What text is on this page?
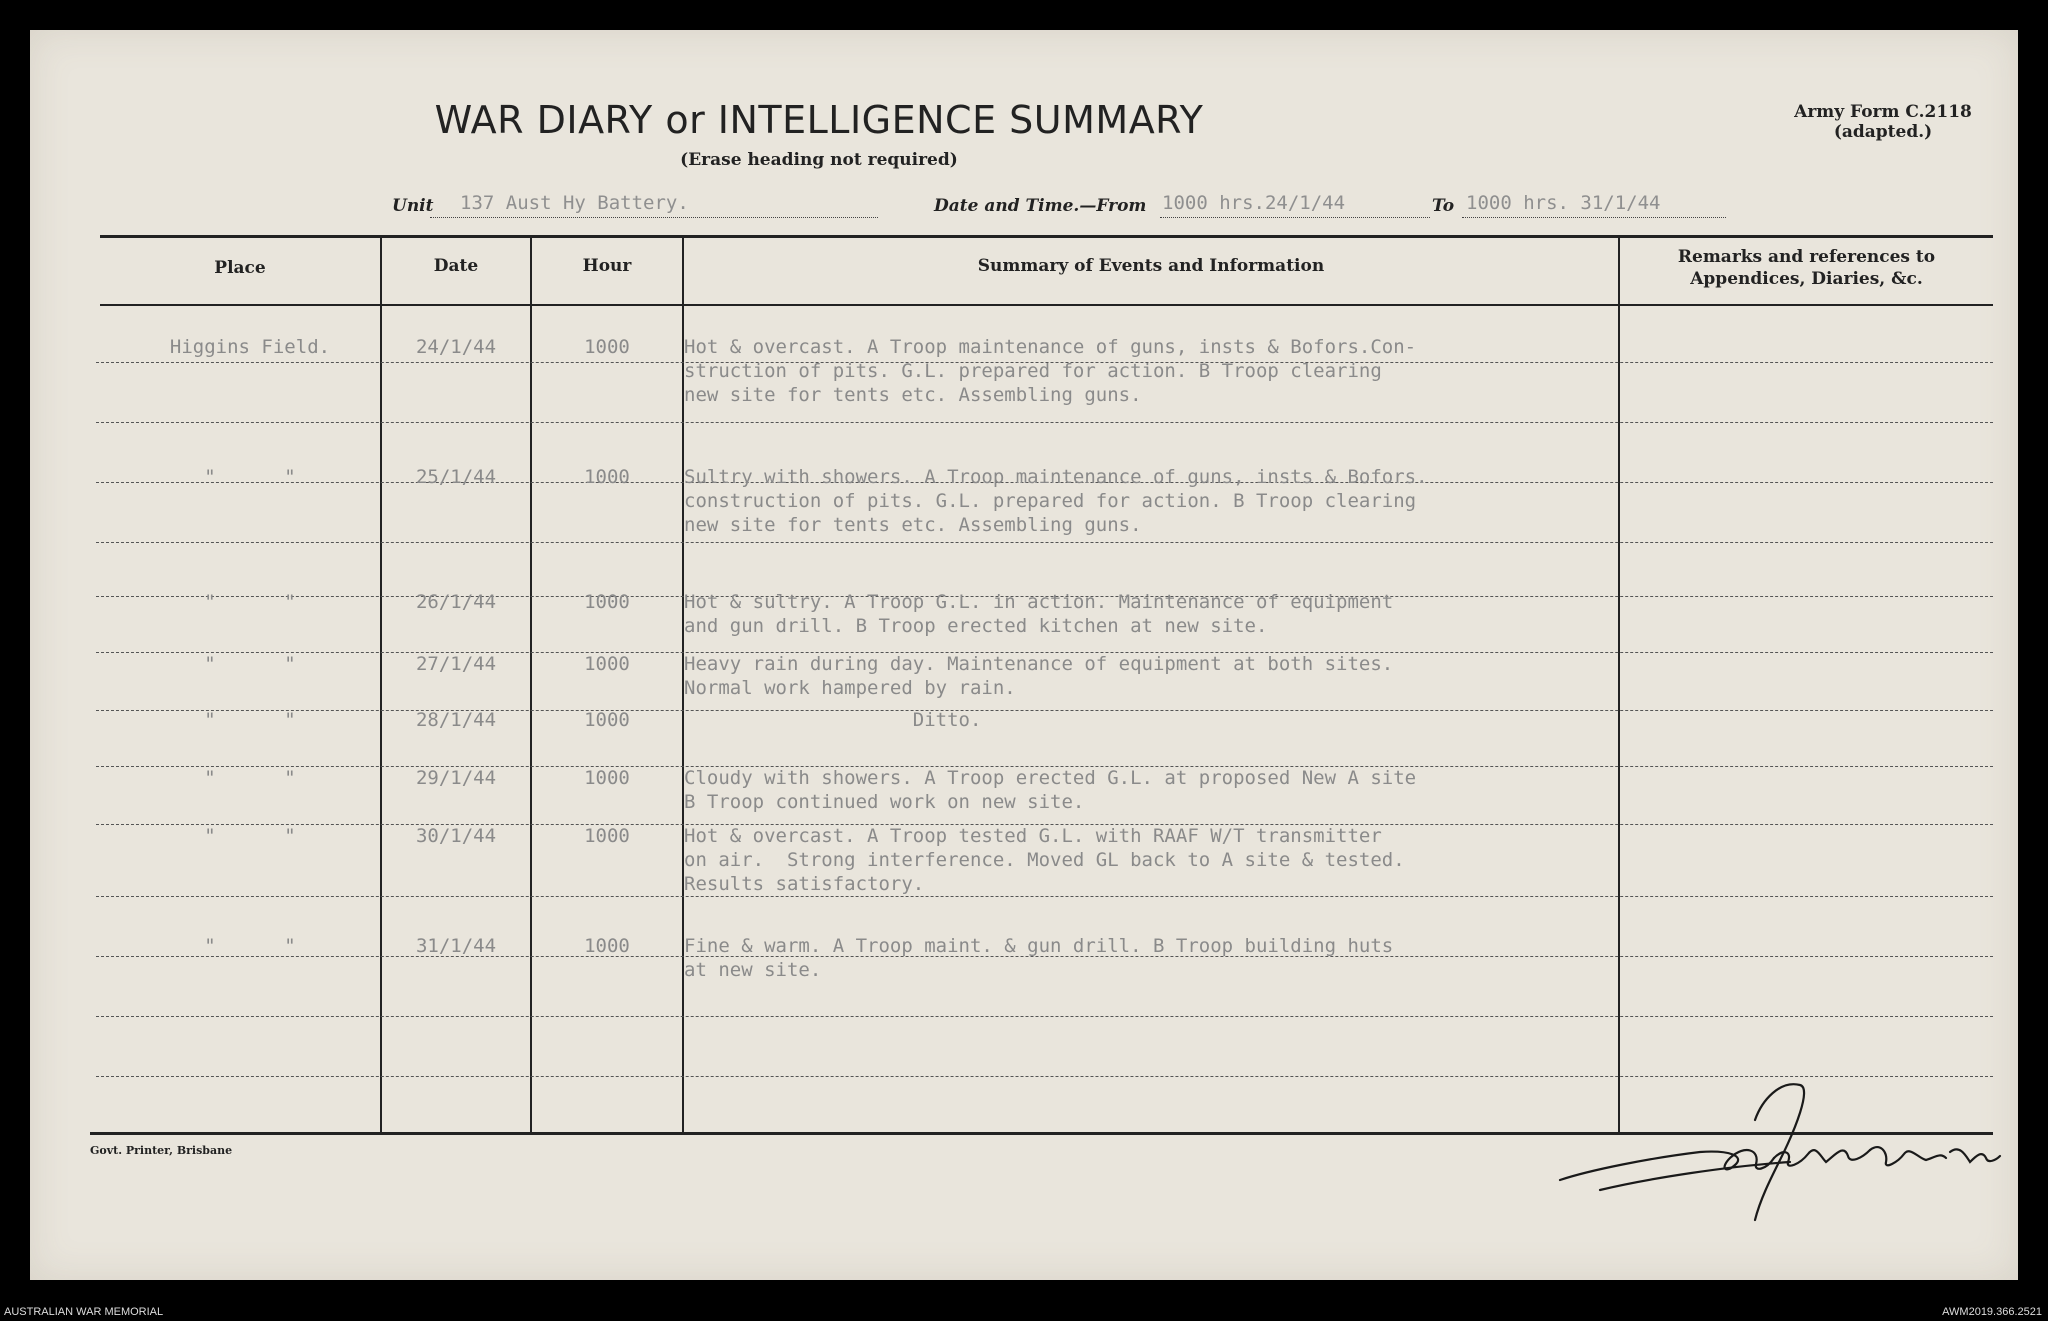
WAR DIARY or INTELLIGENCE SUMMARY
(Erase heading not required)
Army Form C.2118
(adapted.)
Unit 137 Aust Hy Battery.	Date and Time.—From 1000 hrs.24/1/44	To 1000 hrs. 31/1/44
Place	Date	Hour	Summary of Events and Information	Remarks and references to
Appendices, Diaries, &c.
Higgins Field.	24/1/44	1000	Hot & overcast. A Troop maintenance of guns, insts & Bofors.Con-
struction of pits. G.L. prepared for action. B Troop clearing
new site for tents etc. Assembling guns.
"      "	25/1/44	1000	Sultry with showers. A Troop maintenance of guns, insts & Bofors.
construction of pits. G.L. prepared for action. B Troop clearing
new site for tents etc. Assembling guns.
"      "	26/1/44	1000	Hot & sultry. A Troop G.L. in action. Maintenance of equipment
and gun drill. B Troop erected kitchen at new site.
"      "	27/1/44	1000	Heavy rain during day. Maintenance of equipment at both sites.
Normal work hampered by rain.
"      "	28/1/44	1000	Ditto.
"      "	29/1/44	1000	Cloudy with showers. A Troop erected G.L. at proposed New A site
B Troop continued work on new site.
"      "	30/1/44	1000	Hot & overcast. A Troop tested G.L. with RAAF W/T transmitter
on air.  Strong interference. Moved GL back to A site & tested.
Results satisfactory.
"      "	31/1/44	1000	Fine & warm. A Troop maint. & gun drill. B Troop building huts
at new site.
Govt. Printer, Brisbane
AUSTRALIAN WAR MEMORIAL	AWM2019.366.2521
